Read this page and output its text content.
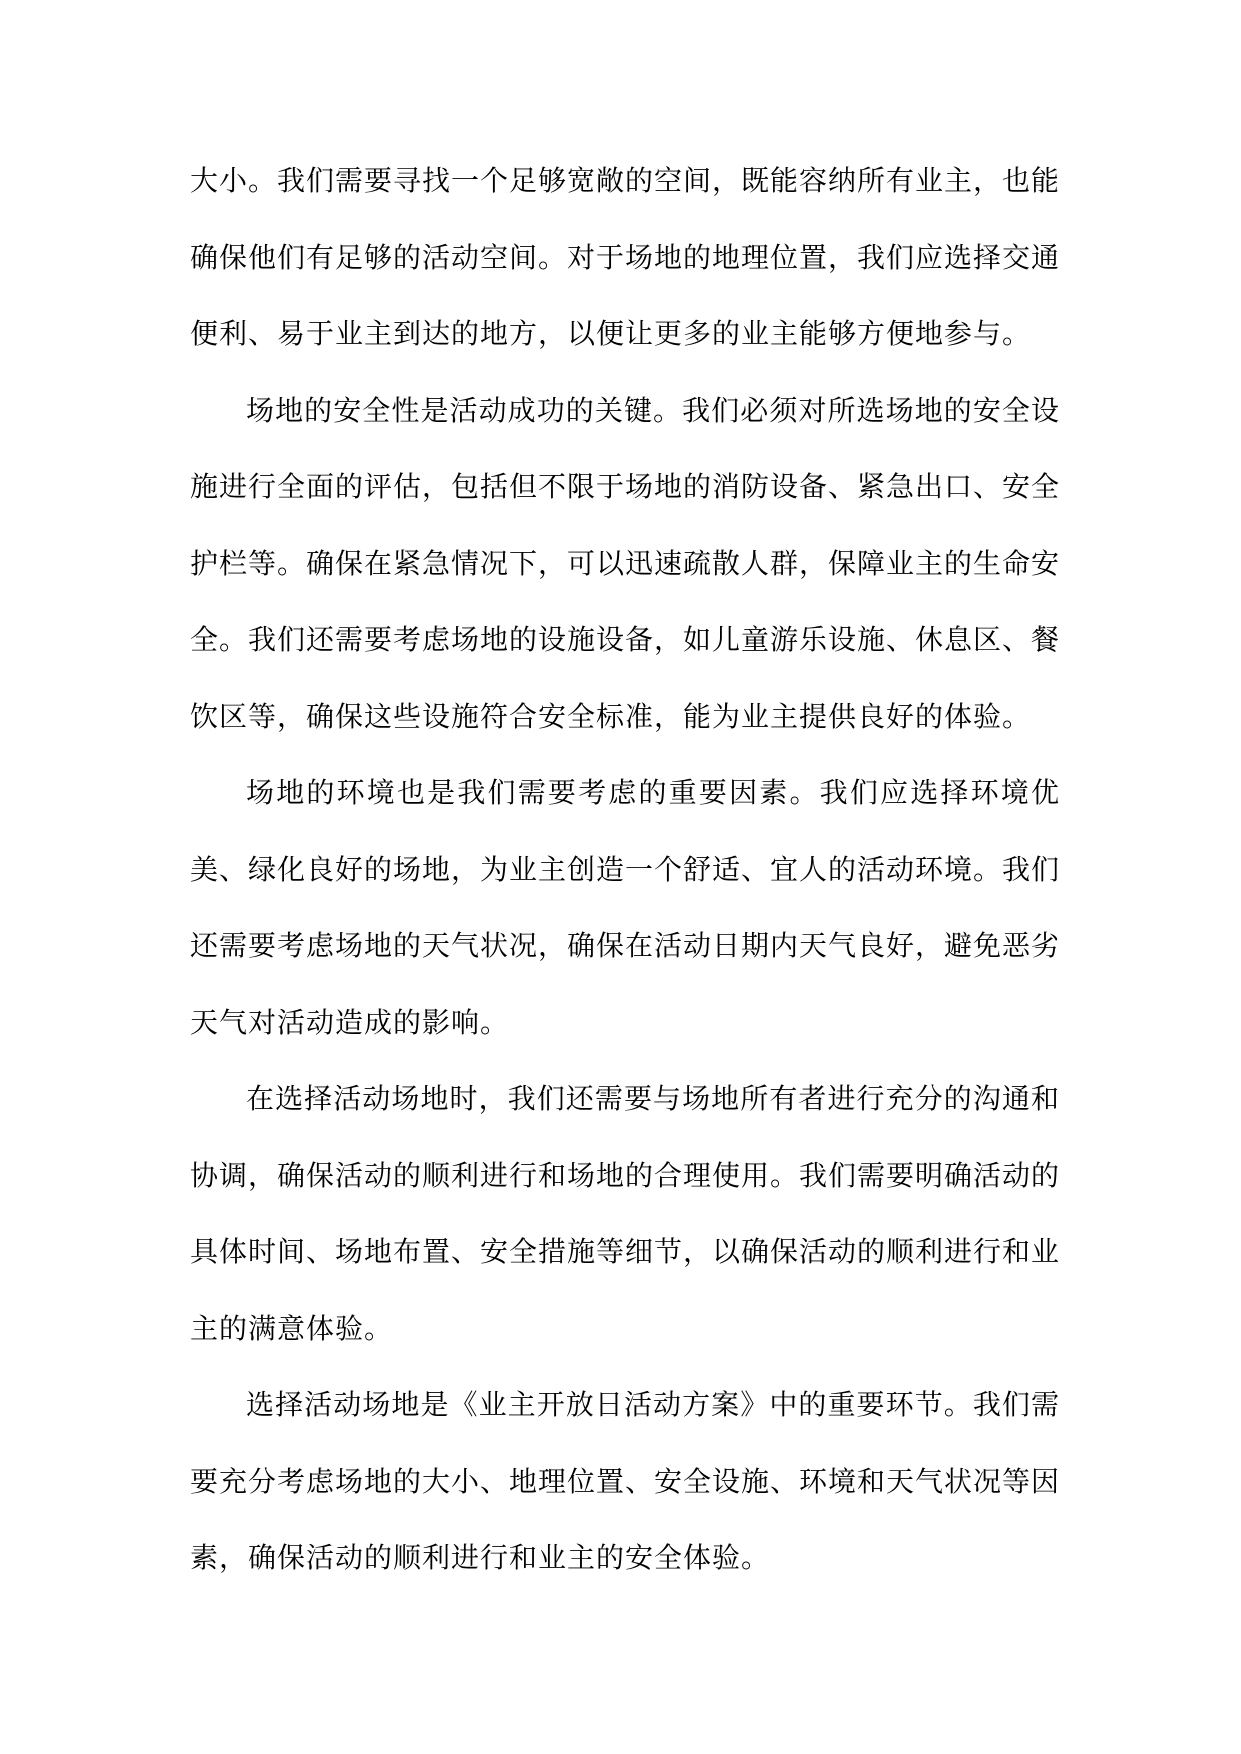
大小。我们需要寻找一个足够宽敞的空间，既能容纳所有业主，也能确保他们有足够的活动空间。对于场地的地理位置，我们应选择交通便利、易于业主到达的地方，以便让更多的业主能够方便地参与。

场地的安全性是活动成功的关键。我们必须对所选场地的安全设施进行全面的评估，包括但不限于场地的消防设备、紧急出口、安全护栏等。确保在紧急情况下，可以迅速疏散人群，保障业主的生命安全。我们还需要考虑场地的设施设备，如儿童游乐设施、休息区、餐饮区等，确保这些设施符合安全标准，能为业主提供良好的体验。

场地的环境也是我们需要考虑的重要因素。我们应选择环境优美、绿化良好的场地，为业主创造一个舒适、宜人的活动环境。我们还需要考虑场地的天气状况，确保在活动日期内天气良好，避免恶劣天气对活动造成的影响。

在选择活动场地时，我们还需要与场地所有者进行充分的沟通和协调，确保活动的顺利进行和场地的合理使用。我们需要明确活动的具体时间、场地布置、安全措施等细节，以确保活动的顺利进行和业主的满意体验。

选择活动场地是《业主开放日活动方案》中的重要环节。我们需要充分考虑场地的大小、地理位置、安全设施、环境和天气状况等因素，确保活动的顺利进行和业主的安全体验。
